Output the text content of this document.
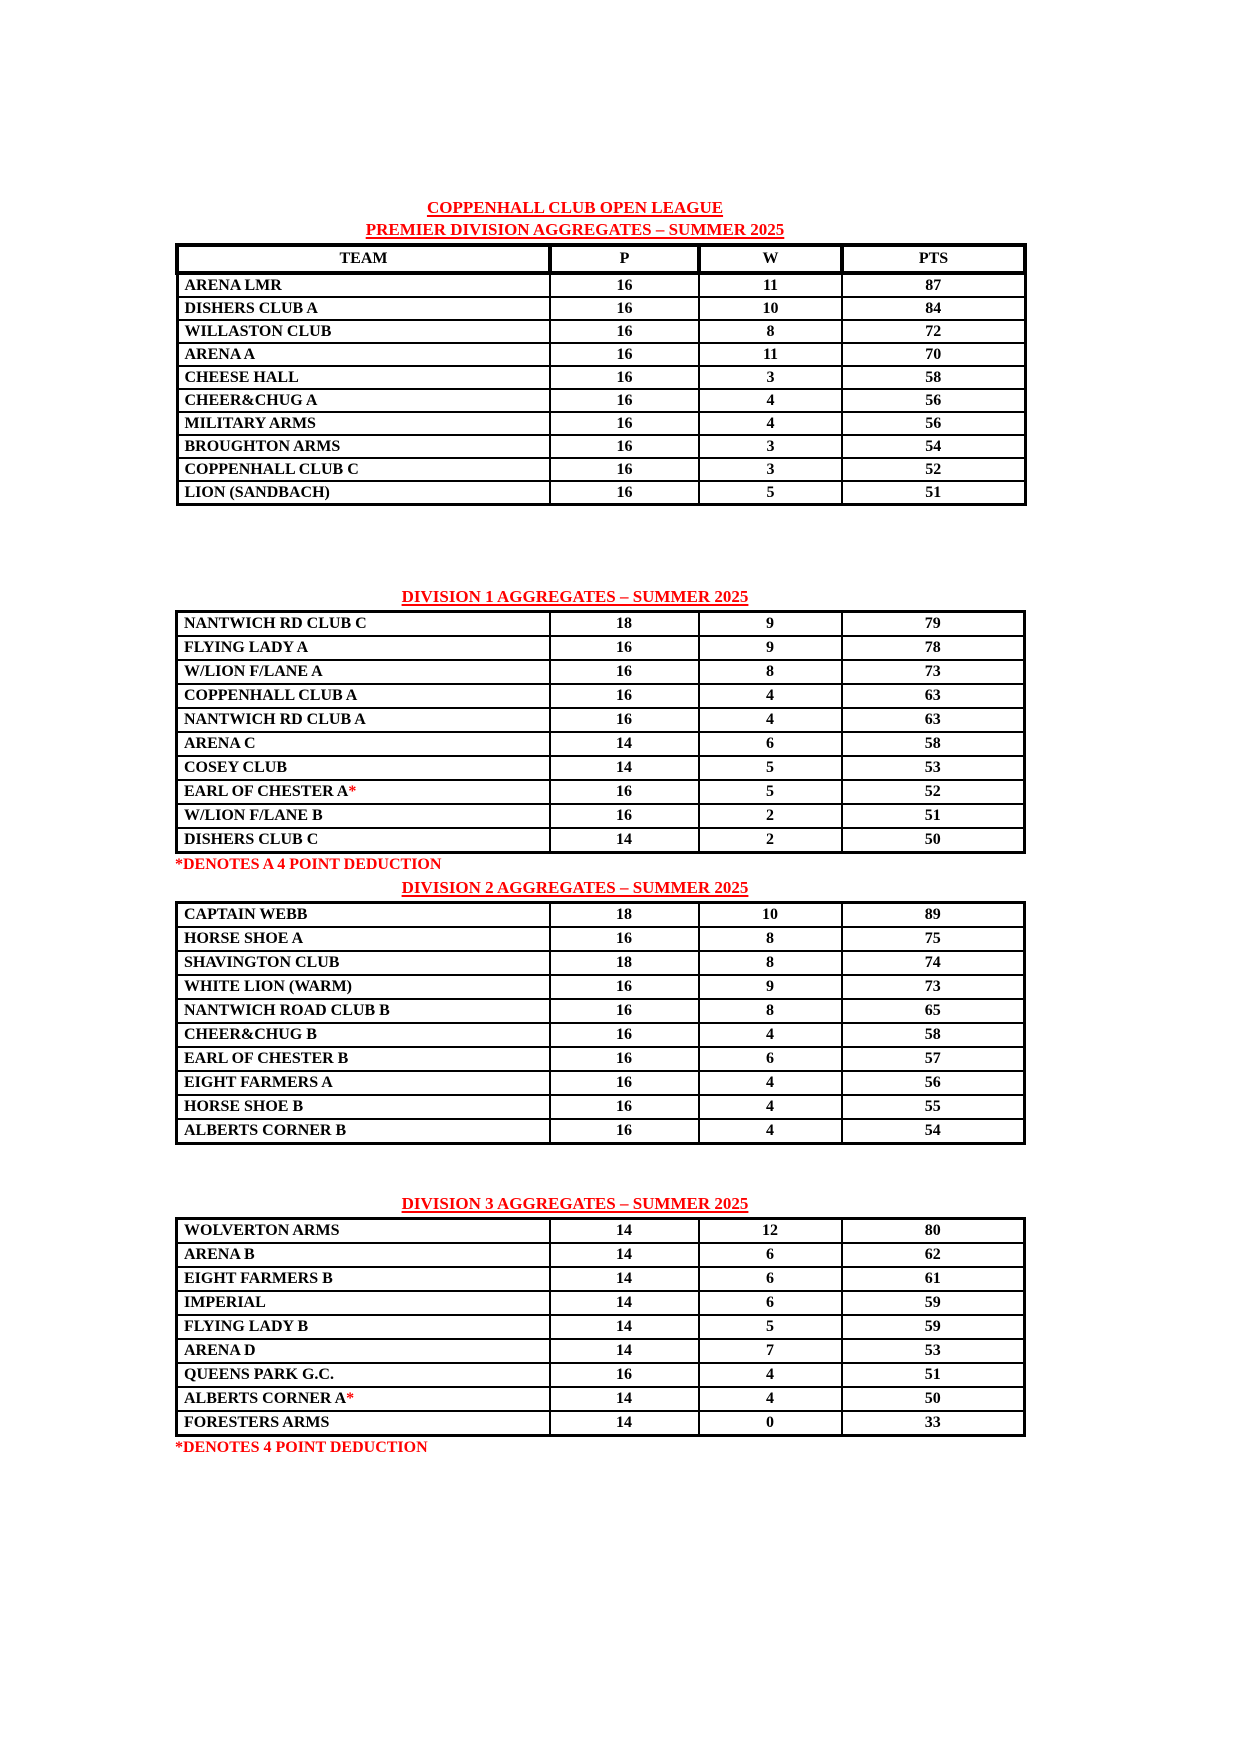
COPPENHALL CLUB OPEN LEAGUE
PREMIER DIVISION AGGREGATES – SUMMER 2025
TEAM	P	W	PTS
ARENA LMR	16	11	87
DISHERS CLUB A	16	10	84
WILLASTON CLUB	16	8	72
ARENA A	16	11	70
CHEESE HALL	16	3	58
CHEER&CHUG A	16	4	56
MILITARY ARMS	16	4	56
BROUGHTON ARMS	16	3	54
COPPENHALL CLUB C	16	3	52
LION (SANDBACH)	16	5	51
DIVISION 1 AGGREGATES – SUMMER 2025
NANTWICH RD CLUB C	18	9	79
FLYING LADY A	16	9	78
W/LION F/LANE A	16	8	73
COPPENHALL CLUB A	16	4	63
NANTWICH RD CLUB A	16	4	63
ARENA C	14	6	58
COSEY CLUB	14	5	53
EARL OF CHESTER A*	16	5	52
W/LION F/LANE B	16	2	51
DISHERS CLUB C	14	2	50
*DENOTES A 4 POINT DEDUCTION
DIVISION 2 AGGREGATES – SUMMER 2025
CAPTAIN WEBB	18	10	89
HORSE SHOE A	16	8	75
SHAVINGTON CLUB	18	8	74
WHITE LION (WARM)	16	9	73
NANTWICH ROAD CLUB B	16	8	65
CHEER&CHUG B	16	4	58
EARL OF CHESTER B	16	6	57
EIGHT FARMERS A	16	4	56
HORSE SHOE B	16	4	55
ALBERTS CORNER B	16	4	54
DIVISION 3 AGGREGATES – SUMMER 2025
WOLVERTON ARMS	14	12	80
ARENA B	14	6	62
EIGHT FARMERS B	14	6	61
IMPERIAL	14	6	59
FLYING LADY B	14	5	59
ARENA D	14	7	53
QUEENS PARK G.C.	16	4	51
ALBERTS CORNER A*	14	4	50
FORESTERS ARMS	14	0	33
*DENOTES 4 POINT DEDUCTION
